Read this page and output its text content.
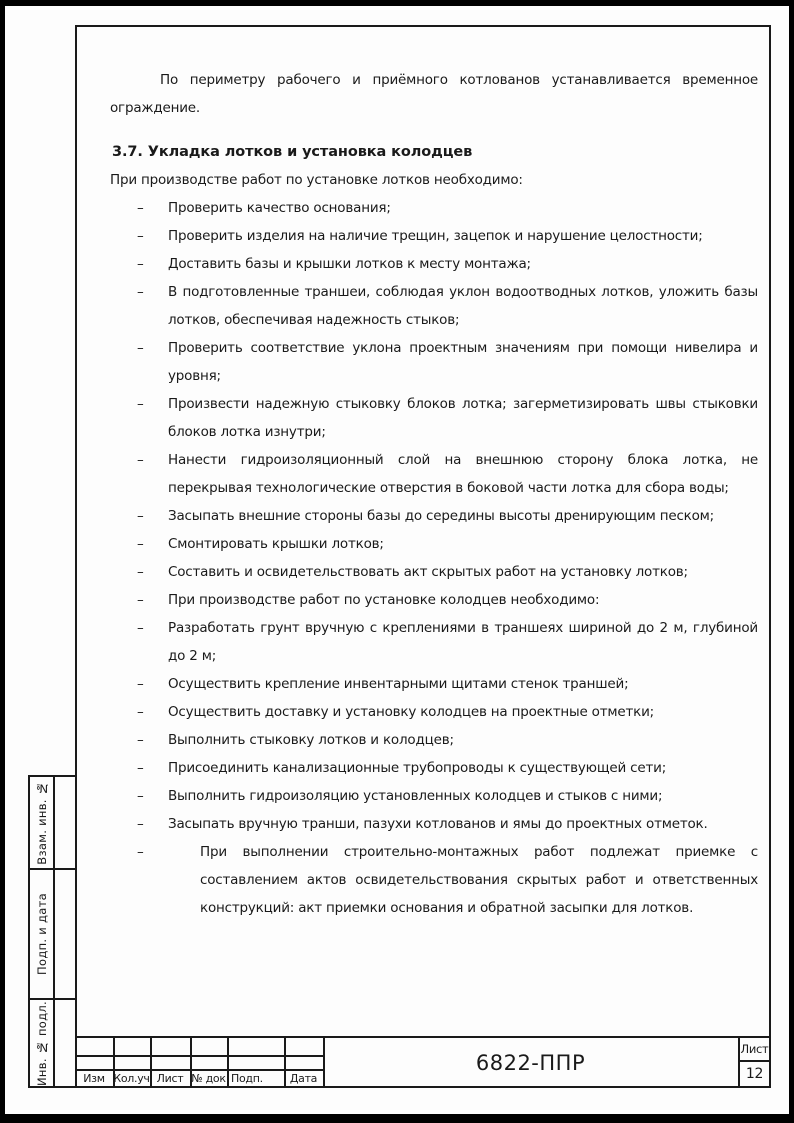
По периметру рабочего и приёмного котлованов устанавливается временное ограждение.

3.7. Укладка лотков и установка колодцев

При производстве работ по установке лотков необходимо:

– Проверить качество основания;
– Проверить изделия на наличие трещин, зацепок и нарушение целостности;
– Доставить базы и крышки лотков к месту монтажа;
– В подготовленные траншеи, соблюдая уклон водоотводных лотков, уложить базы лотков, обеспечивая надежность стыков;
– Проверить соответствие уклона проектным значениям при помощи нивелира и уровня;
– Произвести надежную стыковку блоков лотка; загерметизировать швы стыковки блоков лотка изнутри;
– Нанести гидроизоляционный слой на внешнюю сторону блока лотка, не перекрывая технологические отверстия в боковой части лотка для сбора воды;
– Засыпать внешние стороны базы до середины высоты дренирующим песком;
– Смонтировать крышки лотков;
– Составить и освидетельствовать акт скрытых работ на установку лотков;
– При производстве работ по установке колодцев необходимо:
– Разработать грунт вручную с креплениями в траншеях шириной до 2 м, глубиной до 2 м;
– Осуществить крепление инвентарными щитами стенок траншей;
– Осуществить доставку и установку колодцев на проектные отметки;
– Выполнить стыковку лотков и колодцев;
– Присоединить канализационные трубопроводы к существующей сети;
– Выполнить гидроизоляцию установленных колодцев и стыков с ними;
– Засыпать вручную транши, пазухи котлованов и ямы до проектных отметок.
–	При выполнении строительно-монтажных работ подлежат приемке с составлением актов освидетельствования скрытых работ и ответственных конструкций: акт приемки основания и обратной засыпки для лотков.
Взам. инв. №
Подп. и дата
Инв. № подл.	Изм Кол.уч Лист № док Подп.	Дата
6822-ППР
Лист
12
